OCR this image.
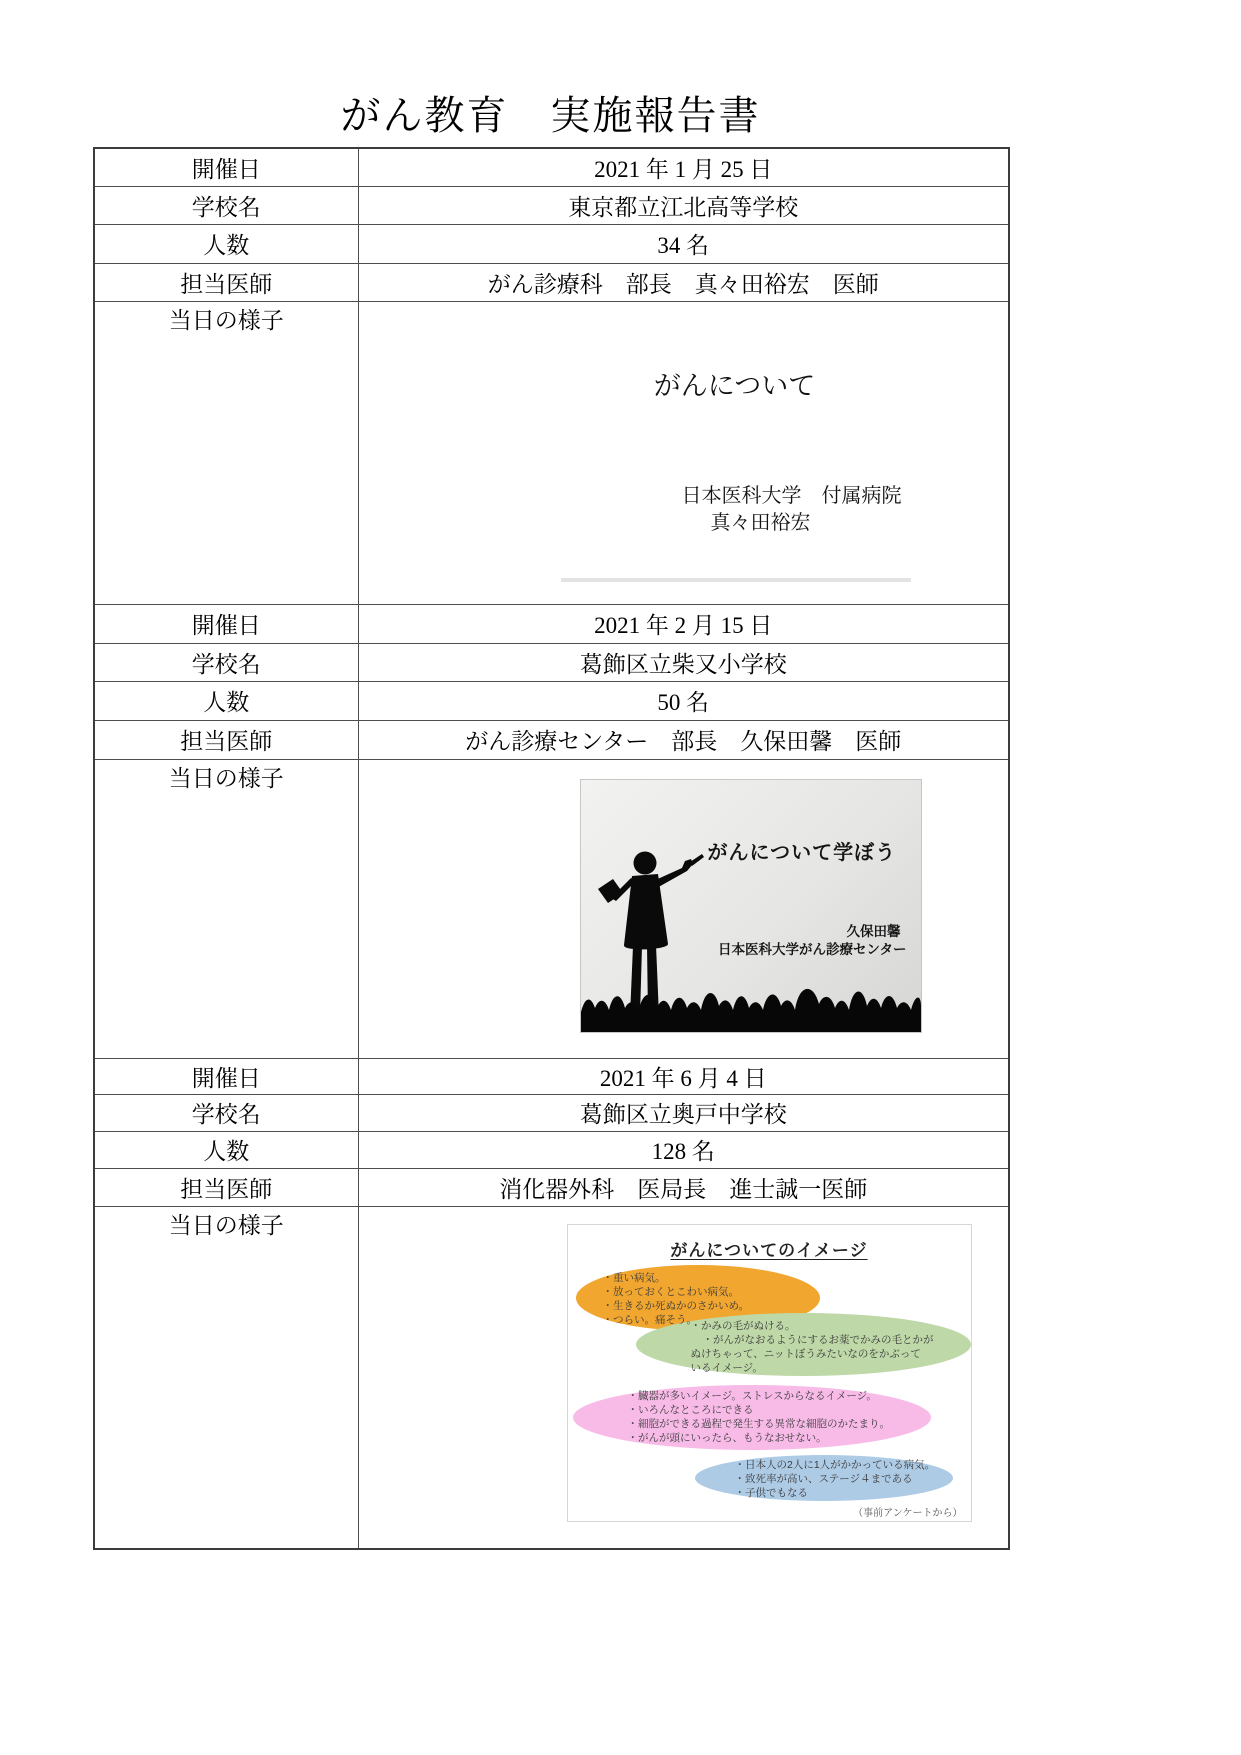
がん教育　実施報告書
開催日	2021 年 1 月 25 日
学校名	東京都立江北高等学校
人数	34 名
担当医師	がん診療科　部長　真々田裕宏　医師
当日の様子	がんについて
日本医科大学　付属病院
真々田裕宏

開催日	2021 年 2 月 15 日
学校名	葛飾区立柴又小学校
人数	50 名
担当医師	がん診療センター　部長　久保田馨　医師
当日の様子	がんについて学ぼう
久保田馨
日本医科大学がん診療センター

開催日	2021 年 6 月 4 日
学校名	葛飾区立奥戸中学校
人数	128 名
担当医師	消化器外科　医局長　進士誠一医師
当日の様子	
がんについてのイメージ
・重い病気。
・放っておくとこわい病気。
・生きるか死ぬかのさかいめ。
・つらい。痛そう。
・かみの毛がぬける。
・がんがなおるようにするお薬でかみの毛とかが
ぬけちゃって、ニットぼうみたいなのをかぶって
いるイメージ。
・臓器が多いイメージ。ストレスからなるイメージ。
・いろんなところにできる
・細胞ができる過程で発生する異常な細胞のかたまり。
・がんが頭にいったら、もうなおせない。
・日本人の2人に1人がかかっている病気。
・致死率が高い、ステージ４まである
・子供でもなる
（事前アンケートから）
